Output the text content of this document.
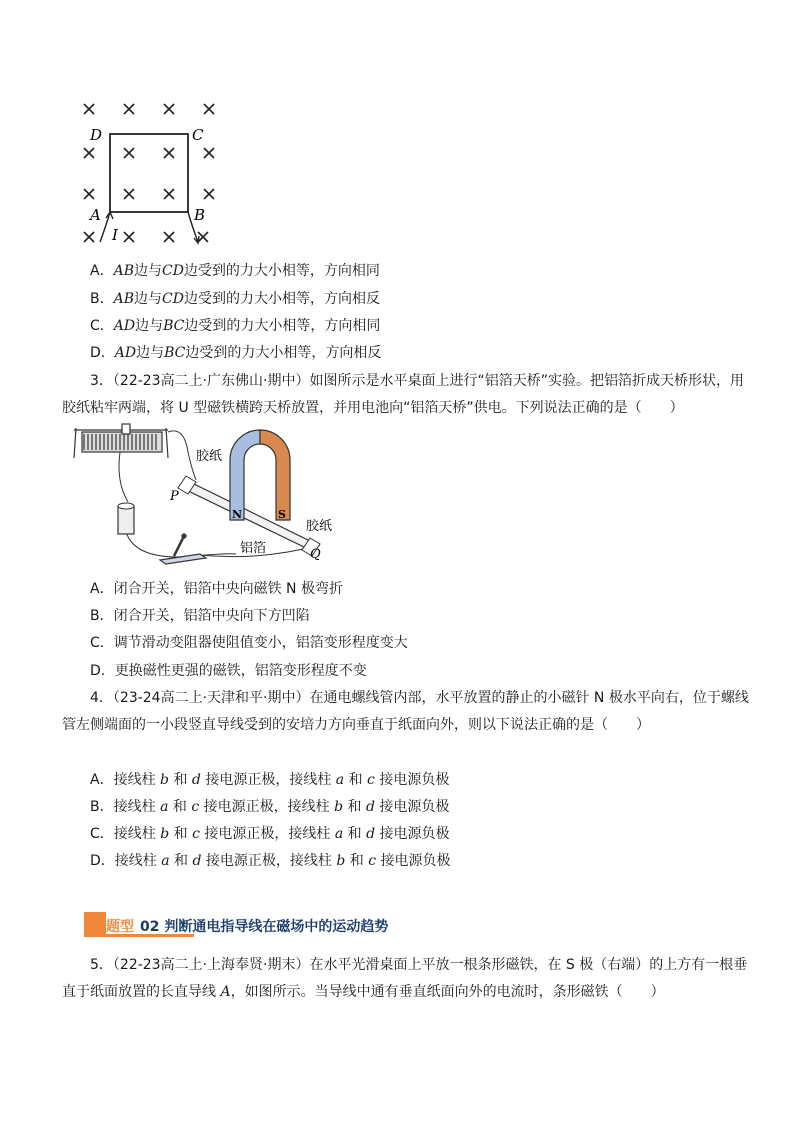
D	C
A	B
I
A．AB边与CD边受到的力大小相等，方向相同
B．AB边与CD边受到的力大小相等，方向相反
C．AD边与BC边受到的力大小相等，方向相同
D．AD边与BC边受到的力大小相等，方向相反
3．（22-23高二上·广东佛山·期中）如图所示是水平桌面上进行“铝箔天桥”实验。把铝箔折成天桥形状，用
胶纸粘牢两端，将 U 型磁铁横跨天桥放置，并用电池向“铝箔天桥”供电。下列说法正确的是（　　）
N	S
胶纸
胶纸
铝箔
P
Q
A．闭合开关，铝箔中央向磁铁 N 极弯折
B．闭合开关，铝箔中央向下方凹陷
C．调节滑动变阻器使阻值变小，铝箔变形程度变大
D．更换磁性更强的磁铁，铝箔变形程度不变
4．（23-24高二上·天津和平·期中）在通电螺线管内部，水平放置的静止的小磁针 N 极水平向右，位于螺线
管左侧端面的一小段竖直导线受到的安培力方向垂直于纸面向外，则以下说法正确的是（　　）
A．接线柱 b 和 d 接电源正极，接线柱 a 和 c 接电源负极
B．接线柱 a 和 c 接电源正极，接线柱 b 和 d 接电源负极
C．接线柱 b 和 c 接电源正极，接线柱 a 和 d 接电源负极
D．接线柱 a 和 d 接电源正极，接线柱 b 和 c 接电源负极
题型 02 判断通电指导线在磁场中的运动趋势
5．（22-23高二上·上海奉贤·期末）在水平光滑桌面上平放一根条形磁铁，在 S 极（右端）的上方有一根垂
直于纸面放置的长直导线 A，如图所示。当导线中通有垂直纸面向外的电流时，条形磁铁（　　）
